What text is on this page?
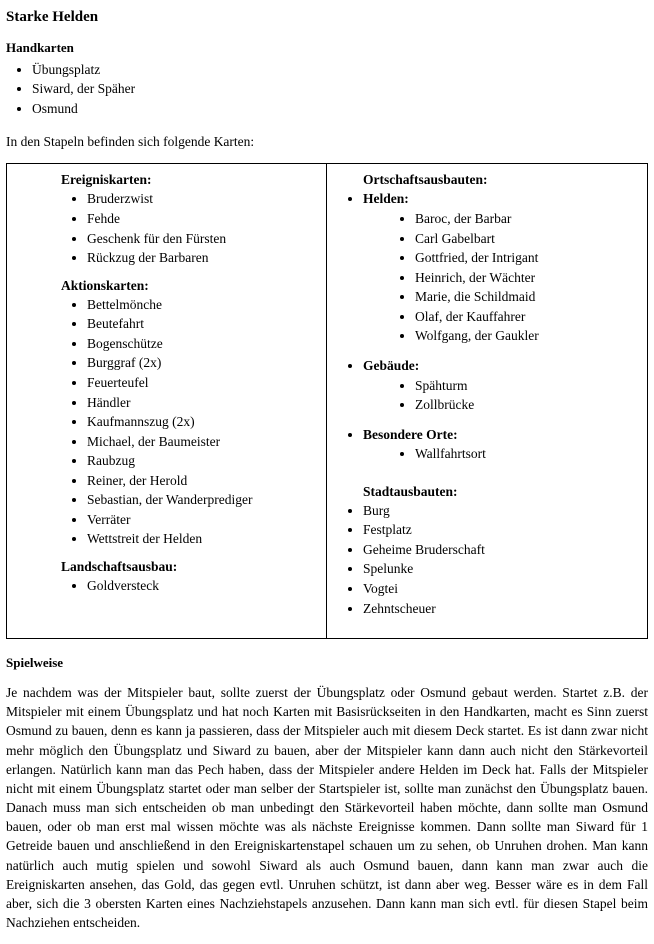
Starke Helden
Handkarten
• Übungsplatz
• Siward, der Späher
• Osmund

In den Stapeln befinden sich folgende Karten:

Ereigniskarten:
• Bruderzwist
• Fehde
• Geschenk für den Fürsten
• Rückzug der Barbaren
Aktionskarten:
• Bettelmönche
• Beutefahrt
• Bogenschütze
• Burggraf (2x)
• Feuerteufel
• Händler
• Kaufmannszug (2x)
• Michael, der Baumeister
• Raubzug
• Reiner, der Herold
• Sebastian, der Wanderprediger
• Verräter
• Wettstreit der Helden
Landschaftsausbau:
• Goldversteck
Ortschaftsausbauten:
• Helden:
• Baroc, der Barbar
• Carl Gabelbart
• Gottfried, der Intrigant
• Heinrich, der Wächter
• Marie, die Schildmaid
• Olaf, der Kauffahrer
• Wolfgang, der Gaukler
• Gebäude:
• Spähturm
• Zollbrücke
• Besondere Orte:
• Wallfahrtsort
Stadtausbauten:
• Burg
• Festplatz
• Geheime Bruderschaft
• Spelunke
• Vogtei
• Zehntscheuer
Spielweise

Je nachdem was der Mitspieler baut, sollte zuerst der Übungsplatz oder Osmund gebaut werden. Startet z.B. der Mitspieler mit einem Übungsplatz und hat noch Karten mit Basisrückseiten in den Handkarten, macht es Sinn zuerst Osmund zu bauen, denn es kann ja passieren, dass der Mitspieler auch mit diesem Deck startet. Es ist dann zwar nicht mehr möglich den Übungsplatz und Siward zu bauen, aber der Mitspieler kann dann auch nicht den Stärkevorteil erlangen. Natürlich kann man das Pech haben, dass der Mitspieler andere Helden im Deck hat. Falls der Mitspieler nicht mit einem Übungsplatz startet oder man selber der Startspieler ist, sollte man zunächst den Übungsplatz bauen. Danach muss man sich entscheiden ob man unbedingt den Stärkevorteil haben möchte, dann sollte man Osmund bauen, oder ob man erst mal wissen möchte was als nächste Ereignisse kommen. Dann sollte man Siward für 1 Getreide bauen und anschließend in den Ereigniskartenstapel schauen um zu sehen, ob Unruhen drohen. Man kann natürlich auch mutig spielen und sowohl Siward als auch Osmund bauen, dann kann man zwar auch die Ereigniskarten ansehen, das Gold, das gegen evtl. Unruhen schützt, ist dann aber weg. Besser wäre es in dem Fall aber, sich die 3 obersten Karten eines Nachziehstapels anzusehen. Dann kann man sich evtl. für diesen Stapel beim Nachziehen entscheiden.
